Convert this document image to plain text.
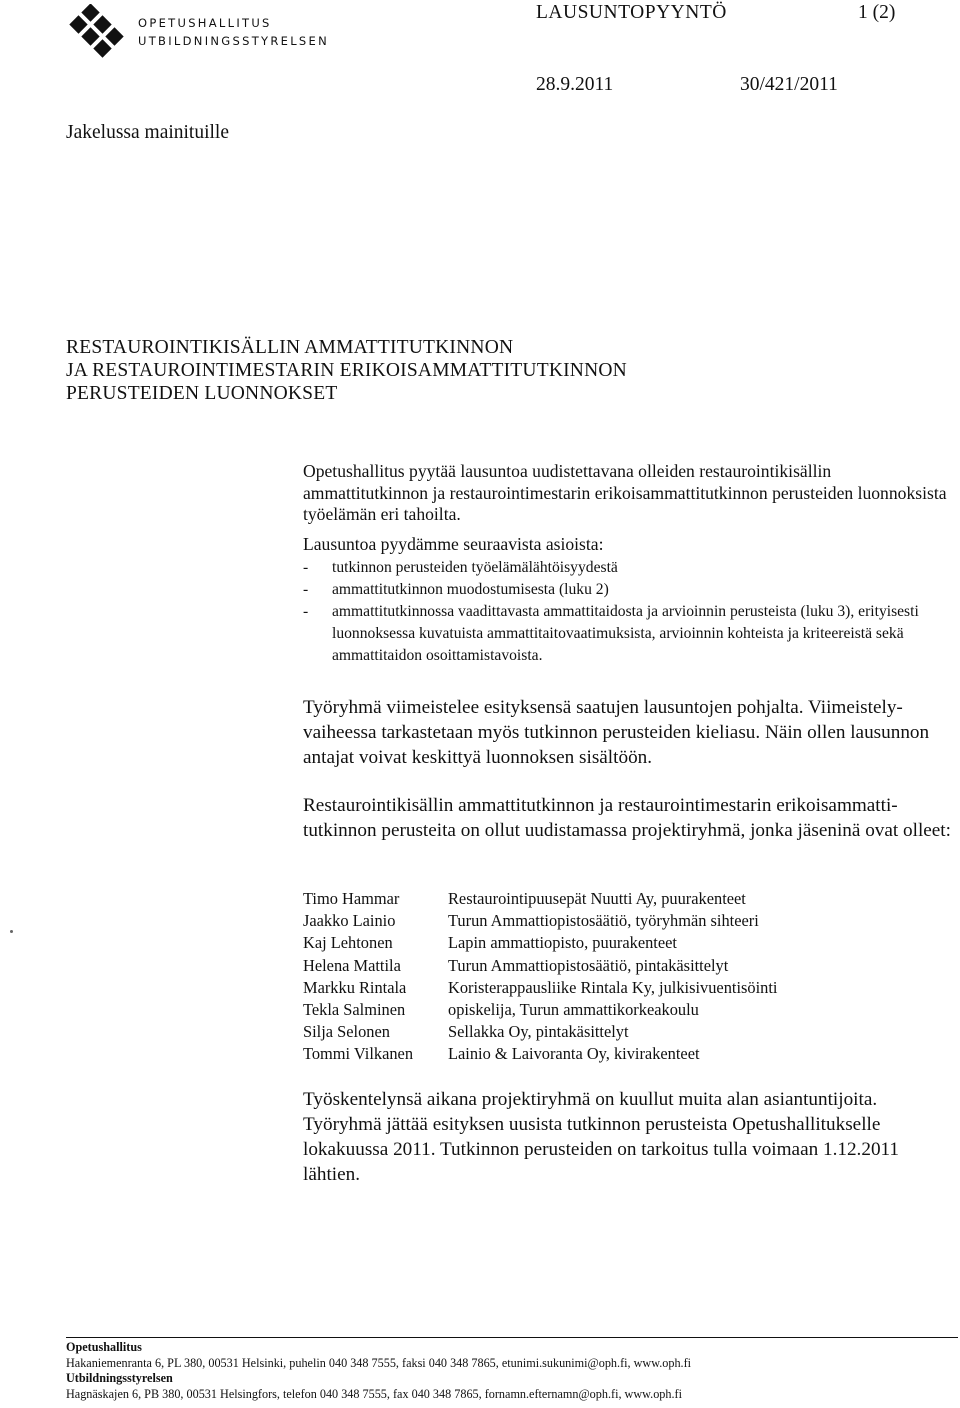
OPETUSHALLITUS
UTBILDNINGSSTYRELSEN
LAUSUNTOPYYNTÖ	1 (2)
28.9.2011	30/421/2011
Jakelussa mainituille
RESTAUROINTIKISÄLLIN AMMATTITUTKINNON
JA RESTAUROINTIMESTARIN ERIKOISAMMATTITUTKINNON
PERUSTEIDEN LUONNOKSET
Opetushallitus pyytää lausuntoa uudistettavana olleiden restaurointikisällin ammattitutkinnon ja restaurointimestarin erikoisammattitutkinnon perusteiden luonnoksista työelämän eri tahoilta.
Lausuntoa pyydämme seuraavista asioista:
- tutkinnon perusteiden työelämälähtöisyydestä
- ammattitutkinnon muodostumisesta (luku 2)
- ammattitutkinnossa vaadittavasta ammattitaidosta ja arvioinnin perusteista (luku 3), erityisesti luonnoksessa kuvatuista ammattitaitovaatimuksista, arvioinnin kohteista ja kriteereistä sekä ammattitaidon osoittamistavoista.
Työryhmä viimeistelee esityksensä saatujen lausuntojen pohjalta. Viimeistely-vaiheessa tarkastetaan myös tutkinnon perusteiden kieliasu. Näin ollen lausunnon antajat voivat keskittyä luonnoksen sisältöön.
Restaurointikisällin ammattitutkinnon ja restaurointimestarin erikoisammatti-tutkinnon perusteita on ollut uudistamassa projektiryhmä, jonka jäseninä ovat olleet:
Timo Hammar	Restaurointipuusepät Nuutti Ay, puurakenteet
Jaakko Lainio	Turun Ammattiopistosäätiö, työryhmän sihteeri
Kaj Lehtonen	Lapin ammattiopisto, puurakenteet
Helena Mattila	Turun Ammattiopistosäätiö, pintakäsittelyt
Markku Rintala	Koristerappausliike Rintala Ky, julkisivuentisöinti
Tekla Salminen	opiskelija, Turun ammattikorkeakoulu
Silja Selonen	Sellakka Oy, pintakäsittelyt
Tommi Vilkanen	Lainio & Laivoranta Oy, kivirakenteet
Työskentelynsä aikana projektiryhmä on kuullut muita alan asiantuntijoita. Työryhmä jättää esityksen uusista tutkinnon perusteista Opetushallitukselle lokakuussa 2011. Tutkinnon perusteiden on tarkoitus tulla voimaan 1.12.2011 lähtien.
Opetushallitus
Hakaniemenranta 6, PL 380, 00531 Helsinki, puhelin 040 348 7555, faksi 040 348 7865, etunimi.sukunimi@oph.fi, www.oph.fi
Utbildningsstyrelsen
Hagnäskajen 6, PB 380, 00531 Helsingfors, telefon 040 348 7555, fax 040 348 7865, fornamn.efternamn@oph.fi, www.oph.fi
